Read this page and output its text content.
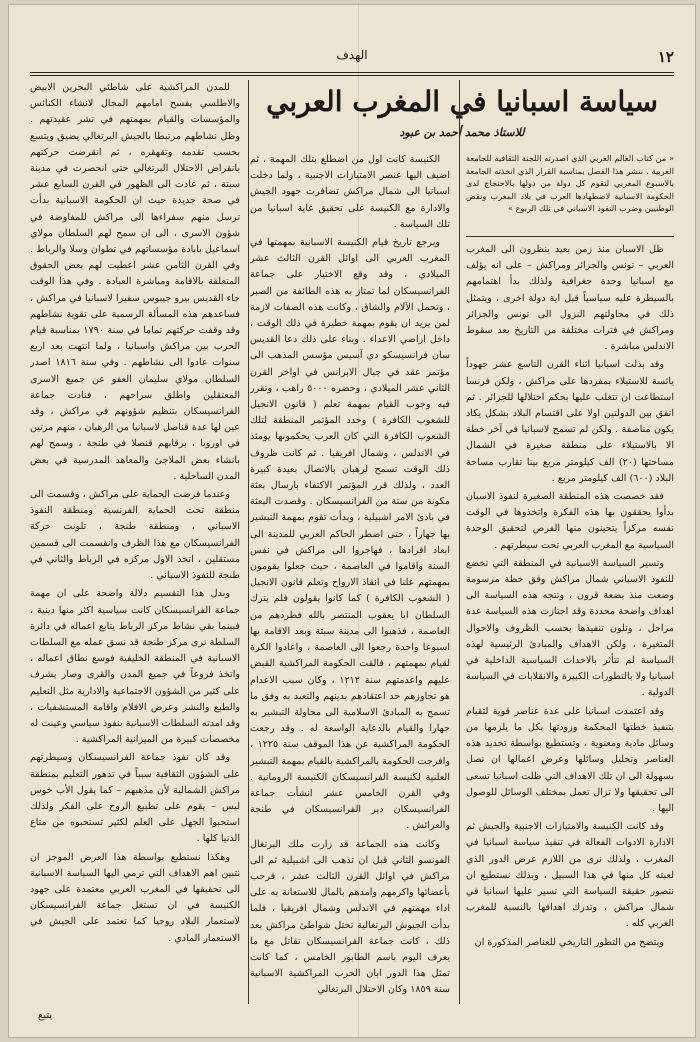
١٢
الهدف
سياسة اسبانيا في المغرب العربي
للاستاذ محمد أحمد بن عبود
« من كتاب العالم العربي الذي اصدرته اللجنة الثقافية للجامعة العربية . ننشر هذا الفصل بمناسبة القرار الذي اتخذته الجامعة بالاسبوع المغربي لتقوم كل دولة من دولها بالاحتجاج لدى الحكومة الاسبانية لاضطهادها العرب في بلاد المغرب ونقض الوطنيين وضرب النفوذ الاسباني في تلك الربوع »

ظل الاسبان منذ زمن بعيد ينظرون الى المغرب العربي – تونس والجزائر ومراكش – على انه يؤلف مع اسبانيا وحدة جغرافية ولذلك بدأ اهتمامهم بالسيطرة عليه سياسياً قبل اية دولة اخرى ، ويتمثل ذلك في محاولتهم النزول الى تونس والجزائر ومراكش في فترات مختلفة من التاريخ بعد سقوط الاندلس مباشرة .

وقد بذلت اسبانيا اثناء القرن التاسع عشر جهوداً يائسة للاستيلاء بمفردها على مراكش ، ولكن فرنسا استطاعت ان تتغلب عليها بحكم احتلالها للجزائر . ثم اتفق بين الدولتين اولا على اقتسام البلاد بشكل يكاد يكون مناصفة . ولكن لم تسمح لاسبانيا في آخر خطة الا بالاستيلاء على منطقة صغيرة في الشمال مساحتها (٢٠) الف كيلومتر مربع بينا تقارب مساحة البلاد (٦٠٠) الف كيلومتر مربع .

فقد خصصت هذه المنطقة الصغيرة لنفوذ الاسبان بدأوا يحققون بها هذه الفكرة واتخذوها في الوقت نفسه مركزاً يتحينون منها الفرص لتحقيق الوحدة السياسية مع المغرب العربي تحت سيطرتهم .

وتسير السياسة الاسبانية في المنطقة التي تخضع للنفوذ الاسباني شمال مراكش وفق خطة مرسومة وضعت منذ بضعة قرون ، وتتجه هذه السياسة الى اهداف واضحة محددة وقد اجتازت هذه السياسة عدة مراحل ، وتلون تنفيذها بحسب الظروف والاحوال المتغيرة ، ولكن الاهداف والمبادئ الرئيسية لهذه السياسة لم تتأثر بالاحداث السياسية الداخلية في اسبانيا ولا بالتطورات الكبيرة والانقلابات في السياسة الدولية .

وقد اعتمدت اسبانيا على عدة عناصر قوية لتقيام بتنفيذ خطتها المحكمة وزودتها بكل ما يلزمها من وسائل مادية ومعنوية ، وتستطيع بواسطة تحديد هذه العناصر وتحليل وسائلها وعرض اعمالها ان نصل بسهولة الى ان تلك الاهداف التي ظلت اسبانيا تسعى الى تحقيقها ولا تزال تعمل بمختلف الوسائل للوصول اليها .

وقد كانت الكنيسة والامتيازات الاجنبية والجيش ثم الادارة الادوات الفعالة في تنفيذ سياسة اسبانيا في المغرب ، ولذلك نرى من اللازم عرض الدور الذي لعبته كل منها في هذا السبيل ، وبذلك نستطيع ان نتصور حقيقة السياسة التي تسير عليها اسبانيا في شمال مراكش ، وتدرك اهدافها بالنسبة للمغرب العربي كله .

ويتضح من التطور التاريخي للعناصر المذكورة ان

الكنيسة كانت اول من اضطلع بتلك المهمة ، ثم اضيف اليها عنصر الامتيازات الاجنبية ، ولما دخلت اسبانيا الى شمال مراكش تضافرت جهود الجيش والادارة مع الكنيسة على تحقيق غاية اسبانيا من تلك السياسة .

ويرجع تاريخ قيام الكنيسة الاسبانية بمهمتها في المغرب العربي الى اوائل القرن الثالث عشر الميلادي ، وقد وقع الاختيار على جماعة الفرانسيسكان لما تمتاز به هذه الطائفة من الصبر ، وتحمل الآلام والشاق ، وكانت هذه الصفات لازمة لمن يريد ان يقوم بمهمة خطيرة في ذلك الوقت ، داخل اراضي الاعداء . وبناء على ذلك دعا القديس سان فرانسيسكو دي آسيس مؤسس المذهب الى مؤتمر عقد في جبال الابرانس في اواخر القرن الثاني عشر الميلادي ، وحضره ٥٠٠٠ راهب ، وتقرر فيه وجوب القيام بمهمة تعلم ( قانون الانجيل للشعوب الكافرة ) وحدد المؤتمر المنطقة لتلك الشعوب الكافرة التي كان العرب يحكمونها يومئذ في الاندلس ، وشمال افريقيا . ثم كانت ظروف ذلك الوقت تسمح لرهبان بالاتصال بعيدة كبيرة العدد ، ولذلك قرر المؤتمر الاكتفاء بارسال بعثة مكونة من ستة من الفرانسيسكان . وقصدت البعثة في بادئ الامر اشبيلية ، وبدأت تقوم بمهمة التبشير بها جهاراً ، حتى اضطر الحاكم العربي للمدينة الى ابعاد افرادها ، فهاجروا الى مراكش في نفس السنة واقاموا في العاصمة ، حيث جعلوا يقومون بمهمتهم علنا في انقاذ الارواح وتعلم قانون الانجيل ( الشعوب الكافرة ) كما كانوا يقولون فلم يترك السلطان ابا يعقوب المنتصر بالله فطردهم من العاصمة ، فذهبوا الى مدينة سبتة وبعد الاقامة بها اسبوعا واحدة رجعوا الى العاصمة ، واعادوا الكرة لقيام بمهمتهم ، فالقت الحكومة المراكشية القبض عليهم واعدمتهم سنة ١٢١٢ ، وكان سبب الاعدام هو تجاوزهم حد اعتقادهم بدينهم والتعبد به وفق ما تسمح به المبادئ الاسلامية الى محاولة التبشير به جهارا والقيام بالدعاية الواسعة له . وقد رجعت الحكومة المراكشية عن هذا الموقف سنة ١٢٢٥ ، وافرجت الحكومة بالمراكشية بالقيام بمهمة التبشير العلنية لكنيسة الفرانسيسكان الكنيسة الرومانية . وفي القرن الخامس عشر انشأت جماعة الفرانسيسكان دير الفرانسيسكان في طنجة والعرائش .

وكانت هذه الجماعة قد زارت ملك البرتغال الفونسو الثاني قبل ان تذهب الى اشبيلية ثم الى مراكش في اوائل القرن الثالث عشر ، فرحب بأعضائها واكرمهم وامدهم بالمال للاستعانة به على اداء مهمتهم في الاندلس وشمال افريقيا ، فلما بدأت الجيوش البرتغالية تحتل شواطئ مراكش بعد ذلك ، كانت جماعة الفرانسيسكان تقاتل مع ما يعرف اليوم باسم الطابور الخامس ، كما كانت تمثل هذا الدور ابان الحرب المراكشية الاسبانية سنة ١٨٥٩ وكان الاحتلال البرتغالي

للمدن المراكشية على شاطئي البحرين الابيض والاطلسي يفسح امامهم المجال لانشاء الكنائس والمؤسسات والقيام بمهمتهم في نشر عقيدتهم . وظل نشاطهم مرتبطا بالجيش البرتغالي يضيق ويتسع بحسب تقدمه وتقهقره ، ثم انقرضت حركتهم بانقراض الاحتلال البرتغالي حتى انحصرت في مدينة سبتة ، ثم عادت الى الظهور في القرن السابع عشر في صحة جديدة حيث ان الحكومة الاسبانية بدأت ترسل منهم سفراءها الى مراكش للمفاوضة في شؤون الاسرى ، الى ان سمح لهم السلطان مولاي اسماعيل بابادة مؤسساتهم في تطوان وسلا والرباط . وفي القرن الثامن عشر اعطيت لهم بعض الحقوق المتعلقة بالاقامة ومباشرة العبادة . وفي هذا الوقت جاء القديس بيرو جيبوس سفيرا لاسبانيا في مراكش ، فساعدهم هذه المسألة الرسمية على تقوية نشاطهم وقد وقفت حركتهم تماما في سنة ١٧٩٠ بمناسبة قيام الحرب بين مراكش واسبانيا ، ولما انتهت بعد اربع سنوات عادوا الى نشاطهم . وفي سنة ١٨١٦ اصدر السلطان مولاي سليمان العفو عن جميع الاسرى المعتقلين واطلق سراحهم ، فنادت جماعة الفرانسيسكان بتنظيم شؤونهم في مراكش ، وقد عين لها عدة قناصل لاسبانيا من الرهبان ، منهم مرتين في اوروبا ، برقابهم قنصلا في طنجة ، وسمح لهم بانشاء بعض الملاجئ والمعاهد المدرسية في بعض المدن الساحلية .

وعندما فرضت الحماية على مراكش ، وقسمت الى منطقة تحت الحماية الفرنسية ومنطقة النفوذ الاسباني ، ومنطقة طنجة ، تلونت حركة الفرانسيسكان مع هذا الظرف وانقسمت الى قسمين مستقلين ، اتخذ الاول مركزه في الرباط والثاني في طنجة للنفوذ الاسباني .

وبدل هذا التقسيم دلالة واضحة على ان مهمة جماعة الفرانسيسكان كانت سياسية اكثر منها دينية ، فبينما بقي نشاط مركز الرباط يتابع اعماله في دائرة السلطة نرى مركز طنجة قد نسق عمله مع السلطات الاسبانية في المنطقة الخليفية فوسع نطاق اعماله ، واتخذ فروعاً في جميع المدن والقرى وصار يشرف على كثير من الشؤون الاجتماعية والادارية مثل التعليم والطبع والنشر وعرض الافلام واقامة المستشفيات ، وقد امدته السلطات الاسبانية بنفوذ سياسي وعينت له مخصصات كبيرة من الميزانية المراكشية .

وقد كان نفوذ جماعة الفرانسيسكان وسيطرتهم على الشؤون الثقافية سبباً في تدهور التعليم بمنطقة مراكش الشمالية لأن مذهبهم – كما يقول الأب خوس ليس – يقوم على تطبيع الروح على الفكر ولذلك استحبوا الجهل على العلم لكثير تستحبوه من متاع الدنيا كلها .

وهكذا نستطيع بواسطة هذا العرض الموجز ان نتبين اهم الاهداف التي ترمي اليها السياسة الاسبانية الى تحقيقها في المغرب العربي معتمدة على جهود الكنيسة في ان تستغل جماعة الفرانسيسكان لاستعمار البلاد روحيا كما تعتمد على الجيش في الاستعمار المادي .

يتبع
